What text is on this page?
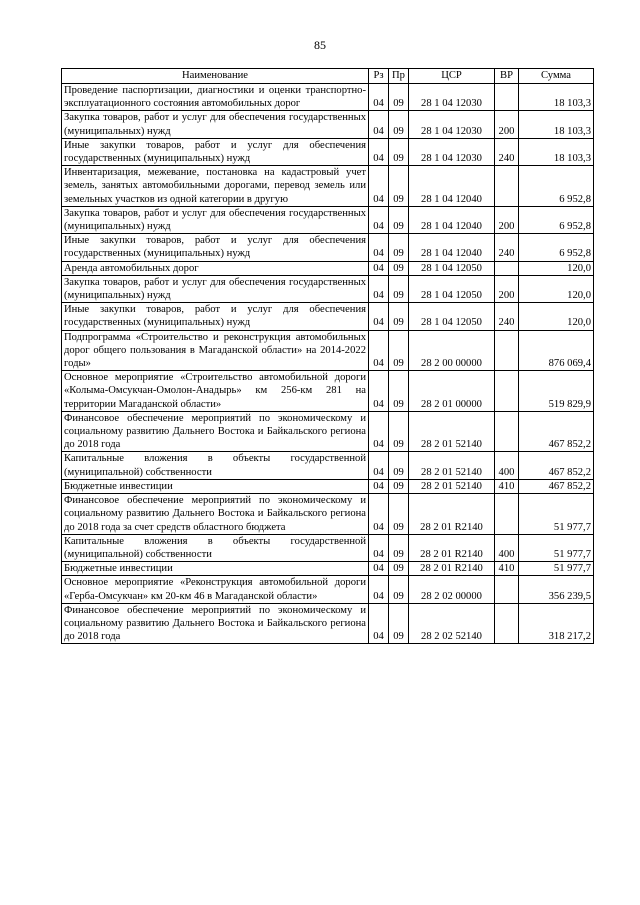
85
Наименование	Рз	Пр	ЦСР	ВР	Сумма
Проведение паспортизации, диагностики и оценки транспортно-эксплуатационного состояния автомобильных дорог	04	09	28 1 04 12030		18 103,3
Закупка товаров, работ и услуг для обеспечения государственных (муниципальных) нужд	04	09	28 1 04 12030	200	18 103,3
Иные закупки товаров, работ и услуг для обеспечения государственных (муниципальных) нужд	04	09	28 1 04 12030	240	18 103,3
Инвентаризация, межевание, постановка на кадастровый учет земель, занятых автомобильными дорогами, перевод земель или земельных участков из одной категории в другую	04	09	28 1 04 12040		6 952,8
Закупка товаров, работ и услуг для обеспечения государственных (муниципальных) нужд	04	09	28 1 04 12040	200	6 952,8
Иные закупки товаров, работ и услуг для обеспечения государственных (муниципальных) нужд	04	09	28 1 04 12040	240	6 952,8
Аренда автомобильных дорог	04	09	28 1 04 12050		120,0
Закупка товаров, работ и услуг для обеспечения государственных (муниципальных) нужд	04	09	28 1 04 12050	200	120,0
Иные закупки товаров, работ и услуг для обеспечения государственных (муниципальных) нужд	04	09	28 1 04 12050	240	120,0
Подпрограмма «Строительство и реконструкция автомобильных дорог общего пользования в Магаданской области» на 2014-2022 годы»	04	09	28 2 00 00000		876 069,4
Основное мероприятие «Строительство автомобильной дороги «Колыма-Омсукчан-Омолон-Анадырь» км 256-км 281 на территории Магаданской области»	04	09	28 2 01 00000		519 829,9
Финансовое обеспечение мероприятий по экономическому и социальному развитию Дальнего Востока и Байкальского региона до 2018 года	04	09	28 2 01 52140		467 852,2
Капитальные вложения в объекты государственной (муниципальной) собственности	04	09	28 2 01 52140	400	467 852,2
Бюджетные инвестиции	04	09	28 2 01 52140	410	467 852,2
Финансовое обеспечение мероприятий по экономическому и социальному развитию Дальнего Востока и Байкальского региона до 2018 года за счет средств областного бюджета	04	09	28 2 01 R2140		51 977,7
Капитальные вложения в объекты государственной (муниципальной) собственности	04	09	28 2 01 R2140	400	51 977,7
Бюджетные инвестиции	04	09	28 2 01 R2140	410	51 977,7
Основное мероприятие «Реконструкция автомобильной дороги «Герба-Омсукчан» км 20-км 46 в Магаданской области»	04	09	28 2 02 00000		356 239,5
Финансовое обеспечение мероприятий по экономическому и социальному развитию Дальнего Востока и Байкальского региона до 2018 года	04	09	28 2 02 52140		318 217,2
